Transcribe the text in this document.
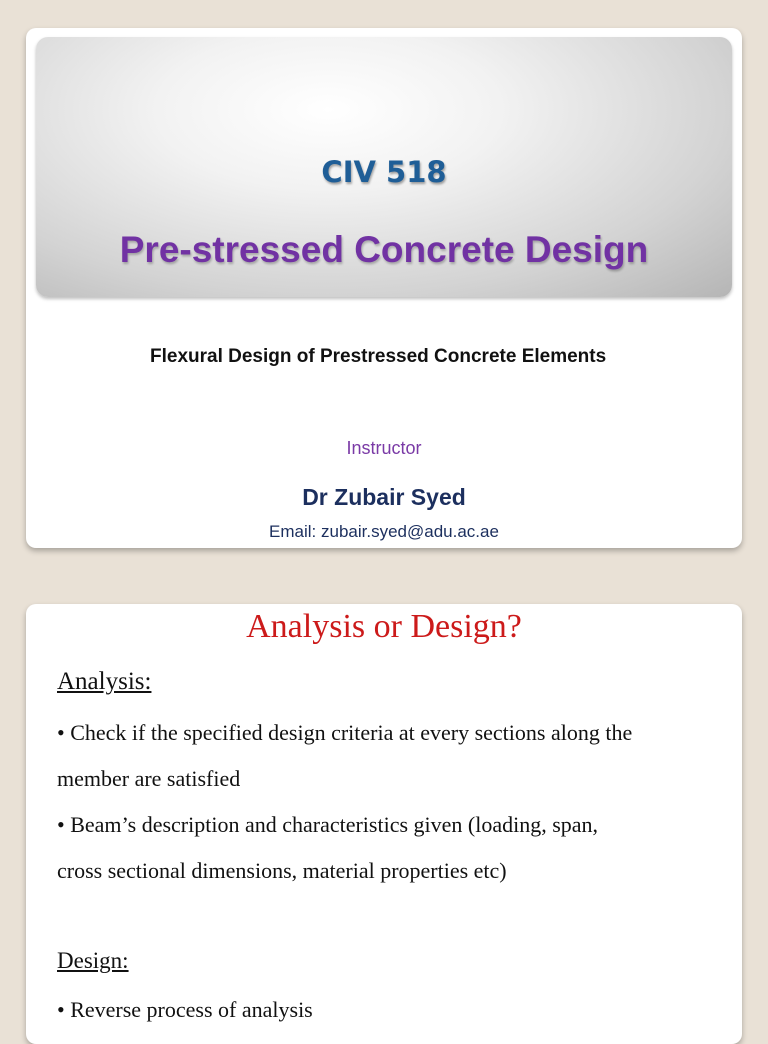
CIV 518
Pre-stressed Concrete Design
Flexural Design of Prestressed Concrete Elements
Instructor
Dr Zubair Syed
Email: zubair.syed@adu.ac.ae
Analysis or Design?
Analysis:
• Check if the specified design criteria at every sections along the
member are satisfied
• Beam’s description and characteristics given (loading, span,
cross sectional dimensions, material properties etc)
Design:
• Reverse process of analysis
